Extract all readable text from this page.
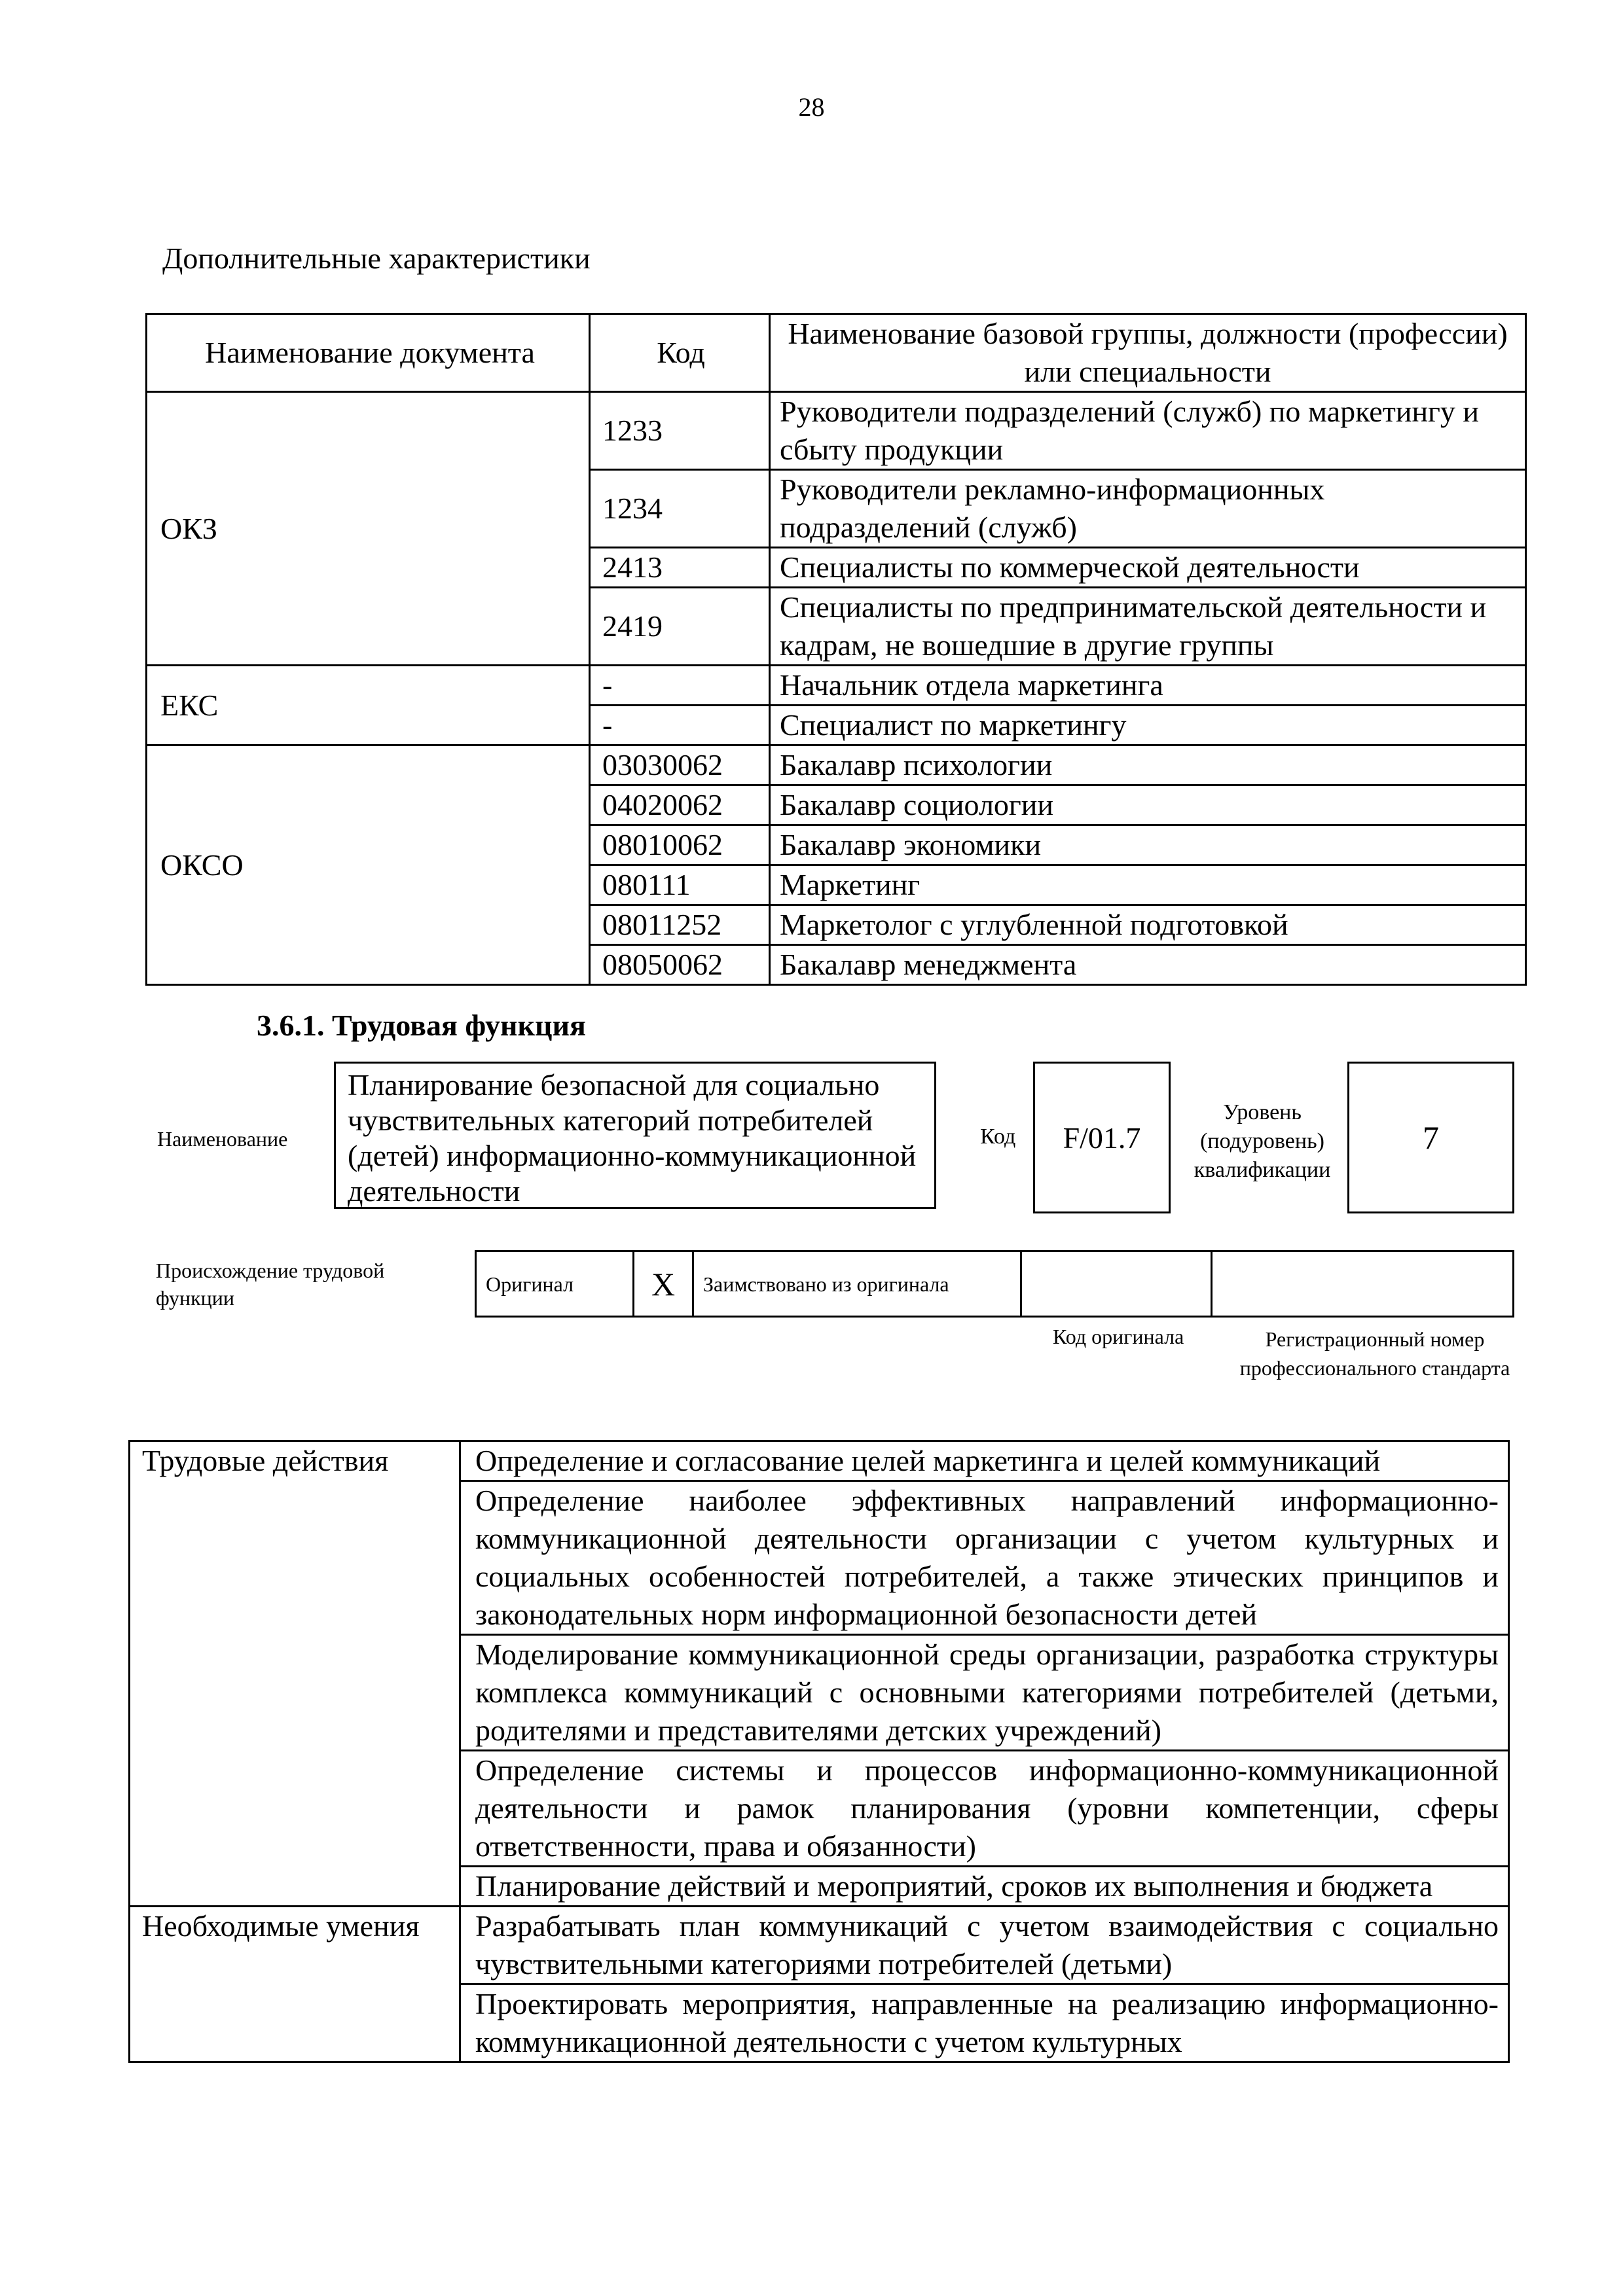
28
Дополнительные характеристики
Наименование документа	Код	Наименование базовой группы, должности (профессии) или специальности
ОКЗ	1233	Руководители подразделений (служб) по маркетингу и сбыту продукции
	1234	Руководители рекламно-информационных подразделений (служб)
	2413	Специалисты по коммерческой деятельности
	2419	Специалисты по предпринимательской деятельности и кадрам, не вошедшие в другие группы
ЕКС	-	Начальник отдела маркетинга
	-	Специалист по маркетингу
ОКСО	03030062	Бакалавр психологии
	04020062	Бакалавр социологии
	08010062	Бакалавр экономики
	080111	Маркетинг
	08011252	Маркетолог с углубленной подготовкой
	08050062	Бакалавр менеджмента
3.6.1. Трудовая функция
Наименование
Планирование безопасной для социально чувствительных категорий потребителей (детей) информационно-коммуникационной деятельности
Код	F/01.7
Уровень (подуровень) квалификации
7
Происхождение трудовой функции
Оригинал	X	Заимствовано из оригинала		
Код оригинала	Регистрационный номер профессионального стандарта
Трудовые действия	Определение и согласование целей маркетинга и целей коммуникаций
	Определение наиболее эффективных направлений информационно-коммуникационной деятельности организации с учетом культурных и социальных особенностей потребителей, а также этических принципов и законодательных норм информационной безопасности детей
	Моделирование коммуникационной среды организации, разработка структуры комплекса коммуникаций с основными категориями потребителей (детьми, родителями и представителями детских учреждений)
	Определение системы и процессов информационно-коммуникационной деятельности и рамок планирования (уровни компетенции, сферы ответственности, права и обязанности)
	Планирование действий и мероприятий, сроков их выполнения и бюджета
Необходимые умения	Разрабатывать план коммуникаций с учетом взаимодействия с социально чувствительными категориями потребителей (детьми)
	Проектировать мероприятия, направленные на реализацию информационно-коммуникационной деятельности с учетом культурных
